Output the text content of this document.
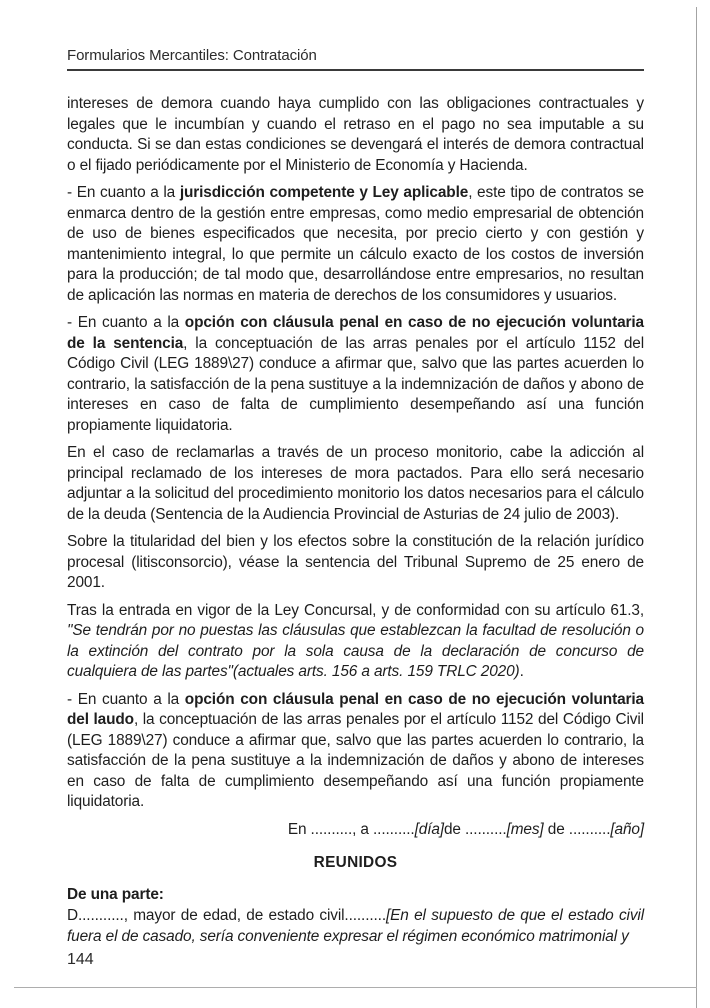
Formularios Mercantiles: Contratación

intereses de demora cuando haya cumplido con las obligaciones contractuales y legales que le incumbían y cuando el retraso en el pago no sea imputable a su conducta. Si se dan estas condiciones se devengará el interés de demora contractual o el fijado periódicamente por el Ministerio de Economía y Hacienda.

- En cuanto a la jurisdicción competente y Ley aplicable, este tipo de contratos se enmarca dentro de la gestión entre empresas, como medio empresarial de obtención de uso de bienes especificados que necesita, por precio cierto y con gestión y mantenimiento integral, lo que permite un cálculo exacto de los costos de inversión para la producción; de tal modo que, desarrollándose entre empresarios, no resultan de aplicación las normas en materia de derechos de los consumidores y usuarios.

- En cuanto a la opción con cláusula penal en caso de no ejecución voluntaria de la sentencia, la conceptuación de las arras penales por el artículo 1152 del Código Civil (LEG 1889\27) conduce a afirmar que, salvo que las partes acuerden lo contrario, la satisfacción de la pena sustituye a la indemnización de daños y abono de intereses en caso de falta de cumplimiento desempeñando así una función propiamente liquidatoria.

En el caso de reclamarlas a través de un proceso monitorio, cabe la adicción al principal reclamado de los intereses de mora pactados. Para ello será necesario adjuntar a la solicitud del procedimiento monitorio los datos necesarios para el cálculo de la deuda (Sentencia de la Audiencia Provincial de Asturias de 24 julio de 2003).

Sobre la titularidad del bien y los efectos sobre la constitución de la relación jurídico procesal (litisconsorcio), véase la sentencia del Tribunal Supremo de 25 enero de 2001.

Tras la entrada en vigor de la Ley Concursal, y de conformidad con su artículo 61.3, "Se tendrán por no puestas las cláusulas que establezcan la facultad de resolución o la extinción del contrato por la sola causa de la declaración de concurso de cualquiera de las partes"(actuales arts. 156 a arts. 159 TRLC 2020).

- En cuanto a la opción con cláusula penal en caso de no ejecución voluntaria del laudo, la conceptuación de las arras penales por el artículo 1152 del Código Civil (LEG 1889\27) conduce a afirmar que, salvo que las partes acuerden lo contrario, la satisfacción de la pena sustituye a la indemnización de daños y abono de intereses en caso de falta de cumplimiento desempeñando así una función propiamente liquidatoria.

En .........., a ..........[día]de ..........[mes] de ..........[año]

REUNIDOS

De una parte:

D..........., mayor de edad, de estado civil..........[En el supuesto de que el estado civil fuera el de casado, sería conveniente expresar el régimen económico matrimonial y

144
